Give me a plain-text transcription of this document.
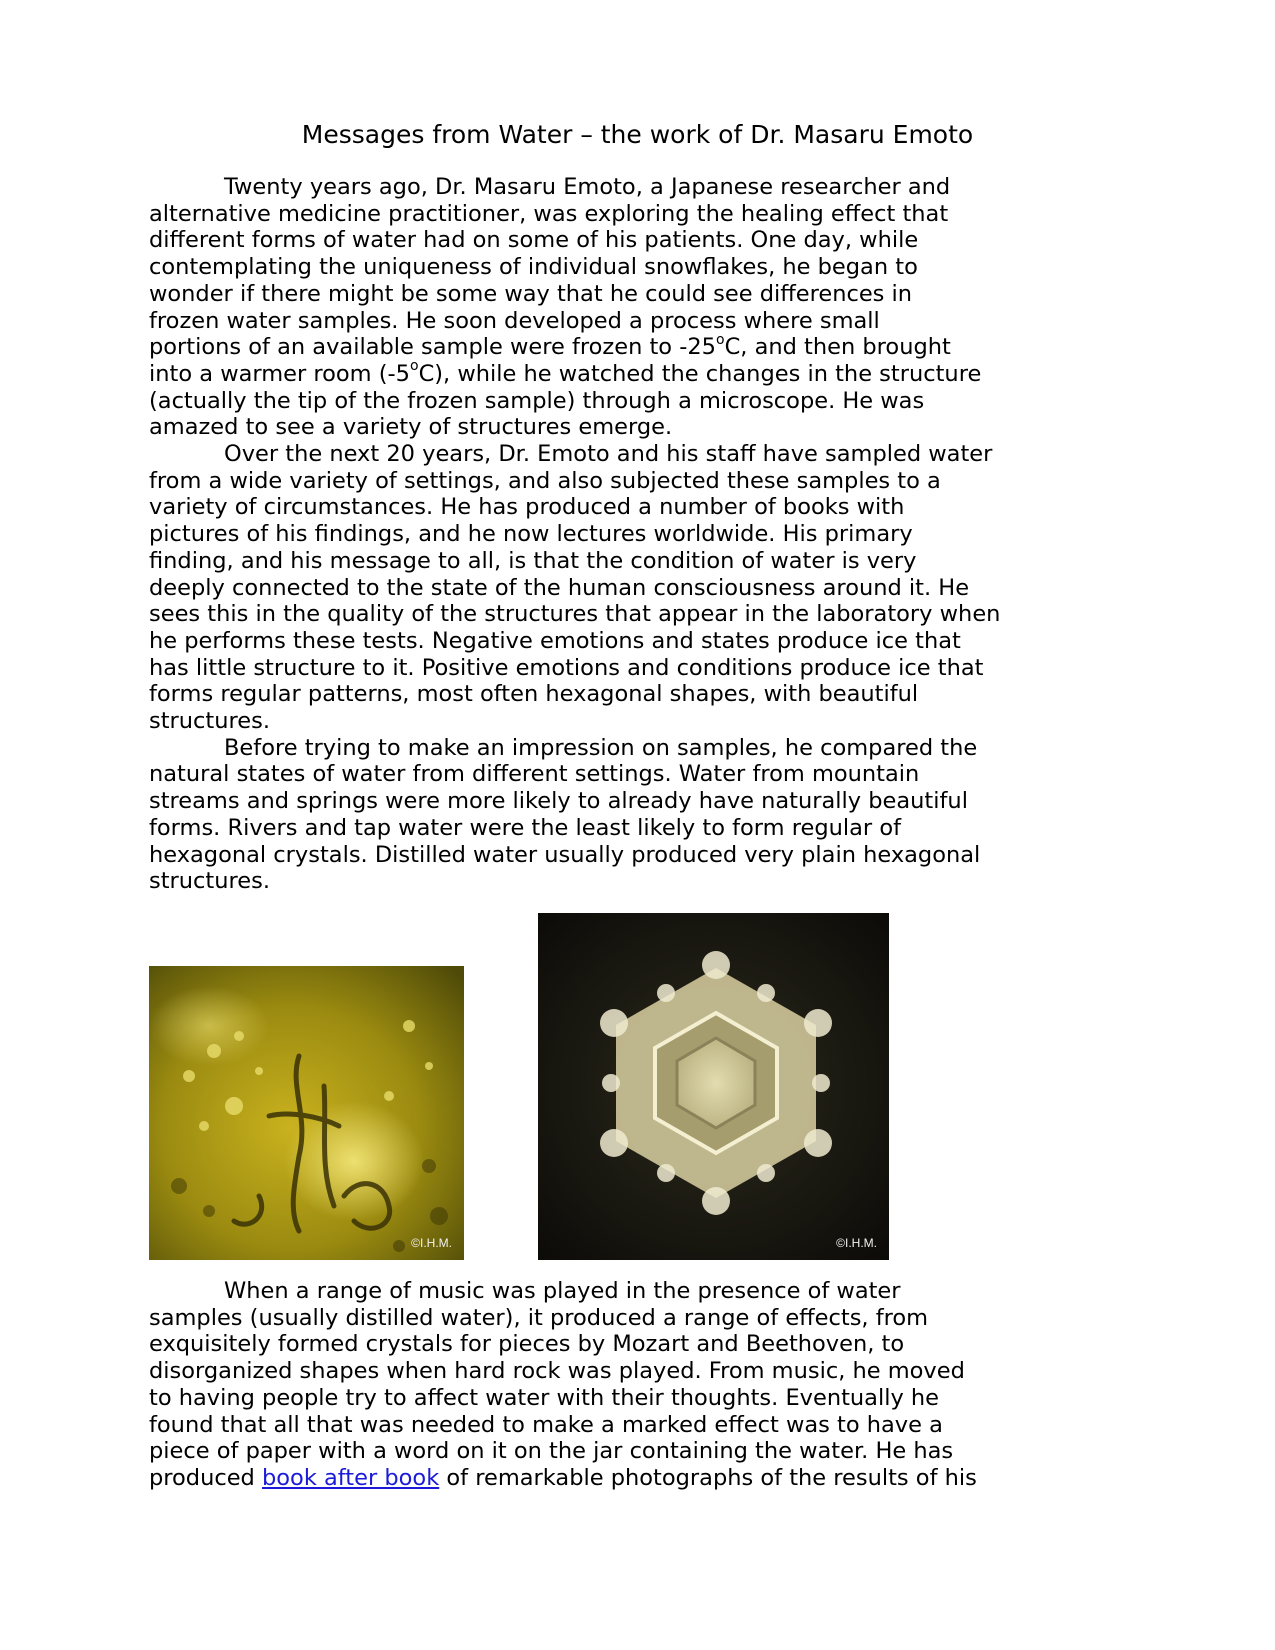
Messages from Water – the work of Dr. Masaru Emoto

Twenty years ago, Dr. Masaru Emoto, a Japanese researcher and
alternative medicine practitioner, was exploring the healing effect that
different forms of water had on some of his patients. One day, while
contemplating the uniqueness of individual snowflakes, he began to
wonder if there might be some way that he could see differences in
frozen water samples. He soon developed a process where small
portions of an available sample were frozen to -25$^o$C, and then brought
into a warmer room (-5$^o$C), while he watched the changes in the structure
(actually the tip of the frozen sample) through a microscope. He was
amazed to see a variety of structures emerge.

Over the next 20 years, Dr. Emoto and his staff have sampled water
from a wide variety of settings, and also subjected these samples to a
variety of circumstances. He has produced a number of books with
pictures of his findings, and he now lectures worldwide. His primary
finding, and his message to all, is that the condition of water is very
deeply connected to the state of the human consciousness around it. He
sees this in the quality of the structures that appear in the laboratory when
he performs these tests. Negative emotions and states produce ice that
has little structure to it. Positive emotions and conditions produce ice that
forms regular patterns, most often hexagonal shapes, with beautiful
structures.

Before trying to make an impression on samples, he compared the
natural states of water from different settings. Water from mountain
streams and springs were more likely to already have naturally beautiful
forms. Rivers and tap water were the least likely to form regular of
hexagonal crystals. Distilled water usually produced very plain hexagonal
structures.

©I.H.M.	©I.H.M.

When a range of music was played in the presence of water
samples (usually distilled water), it produced a range of effects, from
exquisitely formed crystals for pieces by Mozart and Beethoven, to
disorganized shapes when hard rock was played. From music, he moved
to having people try to affect water with their thoughts. Eventually he
found that all that was needed to make a marked effect was to have a
piece of paper with a word on it on the jar containing the water. He has
produced book after book of remarkable photographs of the results of his
